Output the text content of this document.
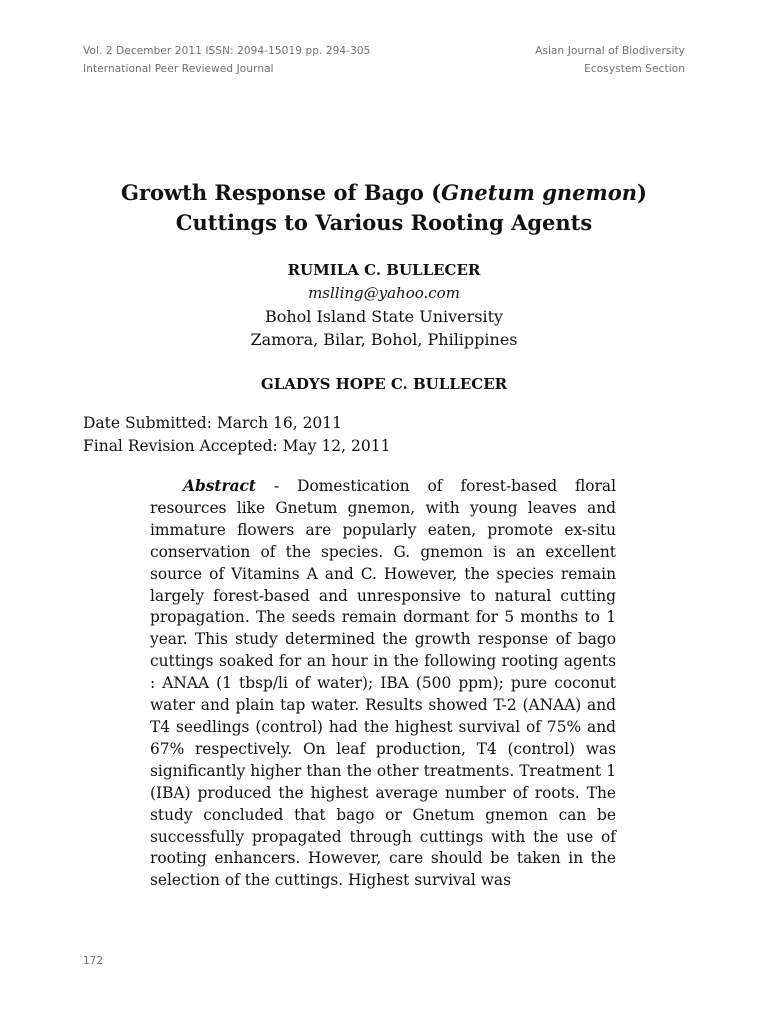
Vol. 2 December 2011 ISSN: 2094-15019 pp. 294-305	Asian Journal of Biodiversity
International Peer Reviewed Journal	Ecosystem Section
Growth Response of Bago (Gnetum gnemon)
Cuttings to Various Rooting Agents
RUMILA C. BULLECER
mslling@yahoo.com
Bohol Island State University
Zamora, Bilar, Bohol, Philippines
GLADYS HOPE C. BULLECER
Date Submitted: March 16, 2011
Final Revision Accepted: May 12, 2011
Abstract - Domestication of forest-based floral resources like Gnetum gnemon, with young leaves and immature flowers are popularly eaten, promote ex-situ conservation of the species. G. gnemon is an excellent source of Vitamins A and C. However, the species remain largely forest-based and unresponsive to natural cutting propagation. The seeds remain dormant for 5 months to 1 year. This study determined the growth response of bago cuttings soaked for an hour in the following rooting agents : ANAA (1 tbsp/li of water); IBA (500 ppm); pure coconut water and plain tap water. Results showed T-2 (ANAA) and T4 seedlings (control) had the highest survival of 75% and 67% respectively. On leaf production, T4 (control) was significantly higher than the other treatments. Treatment 1 (IBA) produced the highest average number of roots. The study concluded that bago or Gnetum gnemon can be successfully propagated through cuttings with the use of rooting enhancers. However, care should be taken in the selection of the cuttings. Highest survival was
172
